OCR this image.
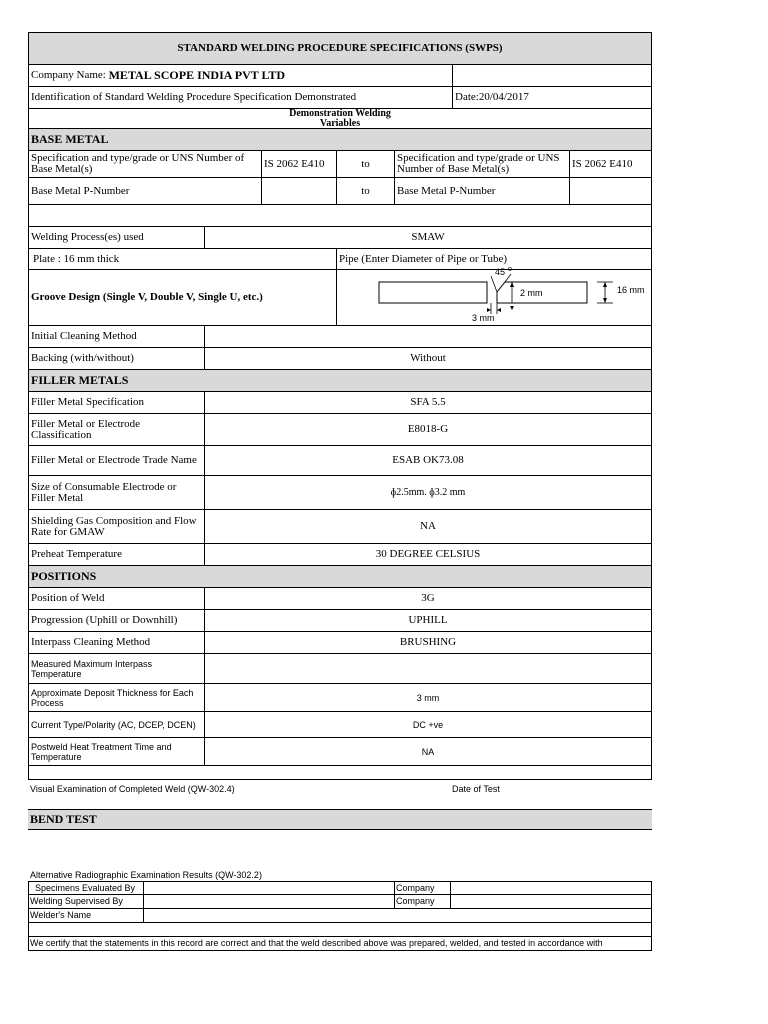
STANDARD WELDING PROCEDURE SPECIFICATIONS (SWPS)
Company Name:
METAL SCOPE INDIA PVT LTD
Identification of Standard Welding Procedure Specification Demonstrated	Date:20/04/2017
Demonstration Welding Variables
BASE METAL
Specification and type/grade or UNS Number of Base Metal(s)	IS 2062 E410	to	Specification and type/grade or UNS Number of Base Metal(s)	IS 2062 E410
Base Metal P-Number	to	Base Metal P-Number
Welding Process(es) used	SMAW
Plate : 16 mm thick	Pipe (Enter Diameter of Pipe or Tube)
Groove Design (Single V, Double V, Single U, etc.)
45 o
2 mm	16 mm
3 mm
Initial Cleaning Method
Backing (with/without)	Without
FILLER METALS
Filler Metal Specification	SFA 5.5
Filler Metal or Electrode Classification	E8018-G
Filler Metal or Electrode Trade Name	ESAB OK73.08
Size of Consumable Electrode or Filler Metal	ɸ2.5mm. ɸ3.2 mm
Shielding Gas Composition and Flow Rate for GMAW	NA
Preheat Temperature	30 DEGREE CELSIUS
POSITIONS
Position of Weld	3G
Progression (Uphill or Downhill)	UPHILL
Interpass Cleaning Method	BRUSHING
Measured Maximum Interpass Temperature
Approximate Deposit Thickness for Each Process	3 mm
Current Type/Polarity (AC, DCEP, DCEN)	DC +ve
Postweld Heat Treatment Time and Temperature	NA
Visual Examination of Completed Weld (QW-302.4)	Date of Test
BEND TEST
Alternative Radiographic Examination Results (QW-302.2)
Specimens Evaluated By	Company
Welding Supervised By	Company
Welder's Name
We certify that the statements in this record are correct and that the weld described above was prepared, welded, and tested in accordance with
